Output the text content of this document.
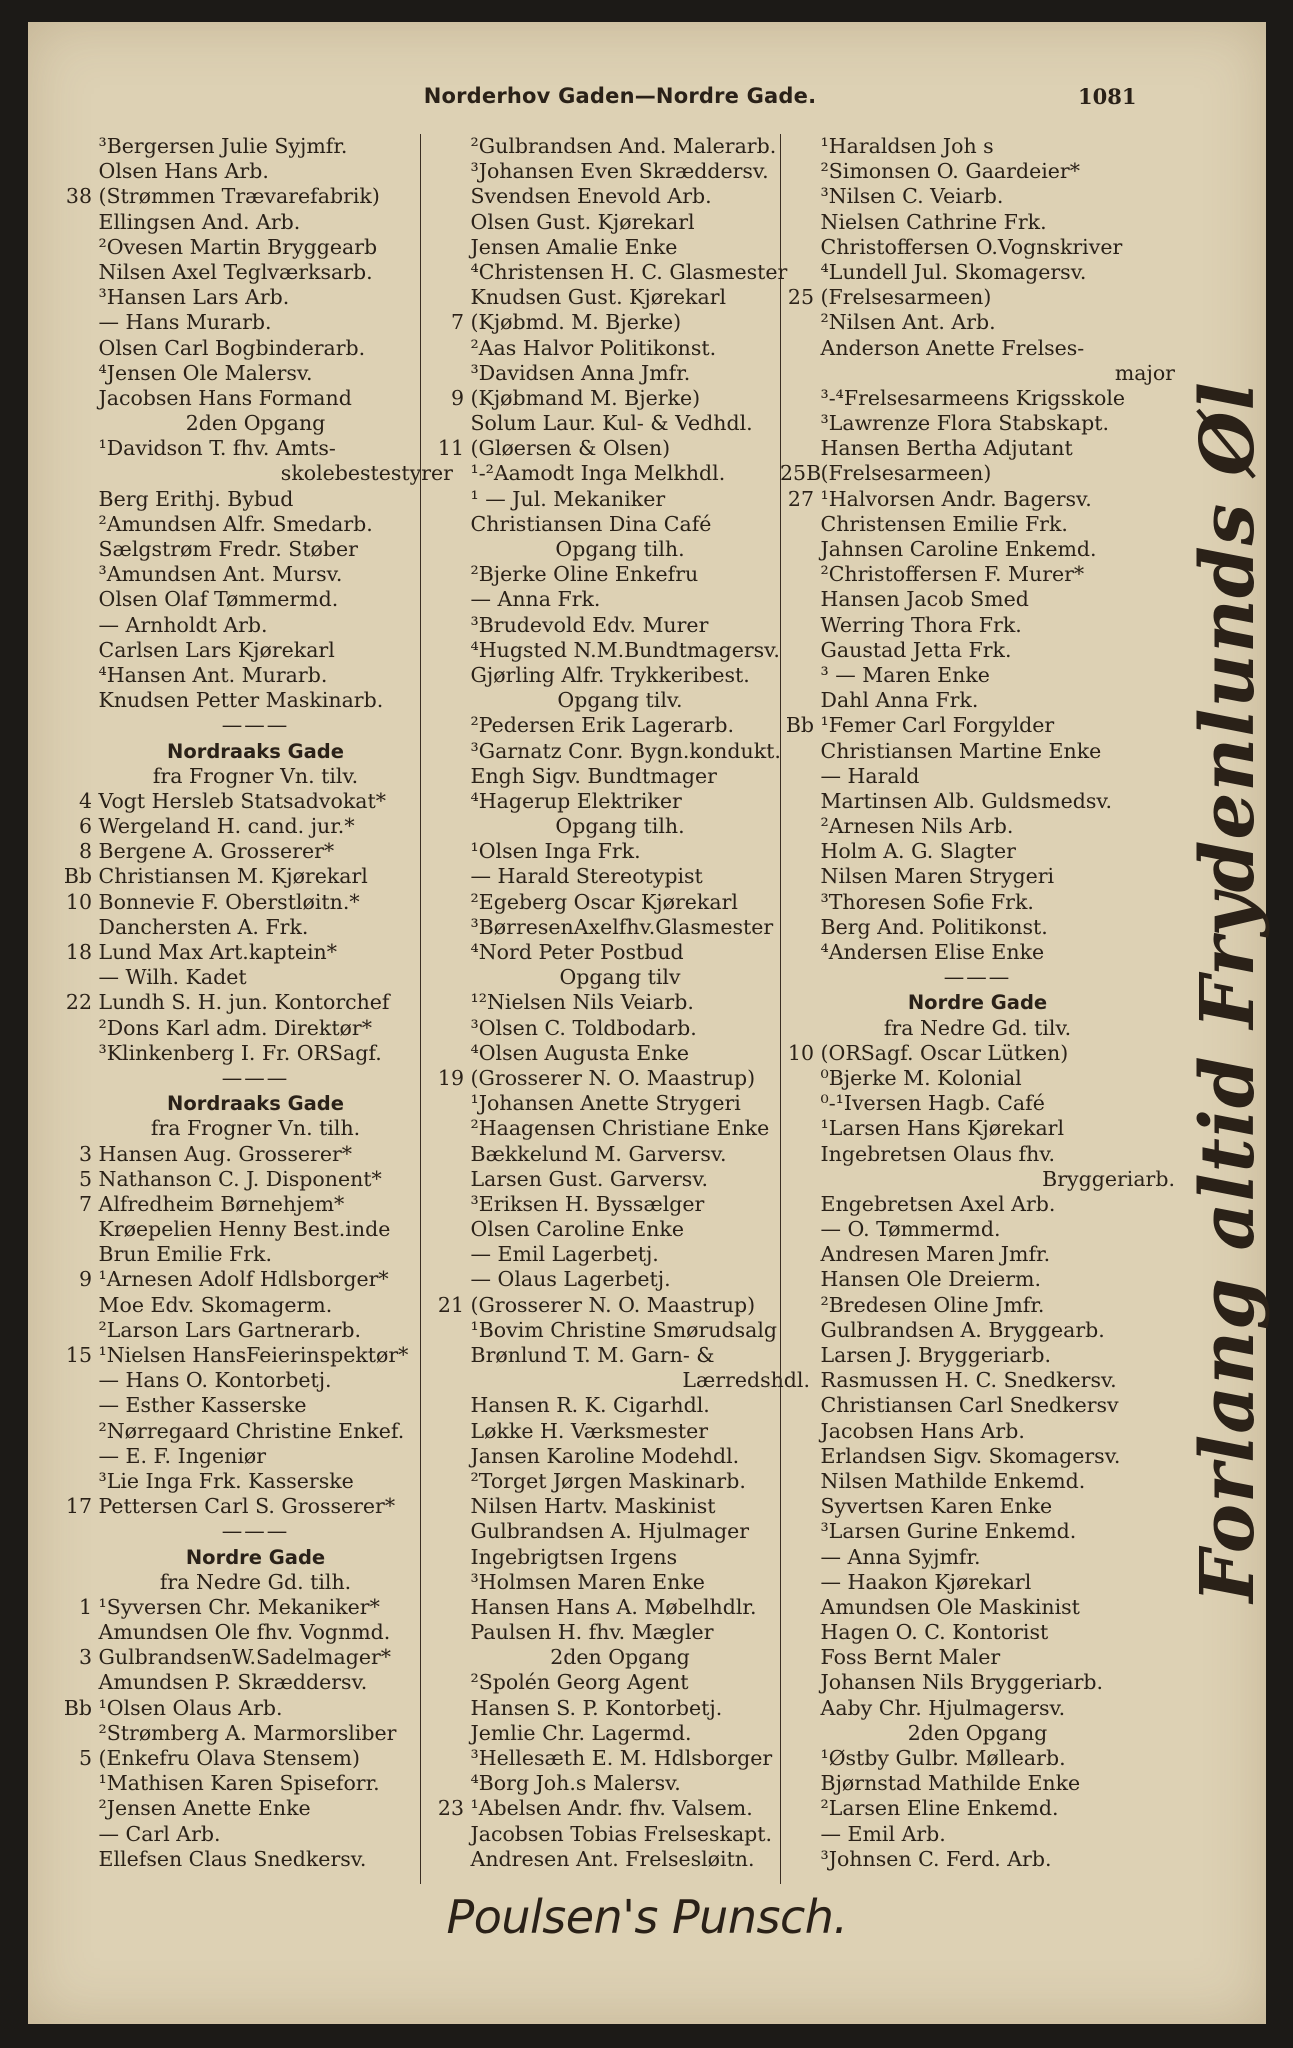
Norderhov Gaden—Nordre Gade.	1081
³Bergersen Julie Syjmfr.
Olsen Hans Arb.
38 (Strømmen Trævarefabrik)
Ellingsen And. Arb.
²Ovesen Martin Bryggearb
Nilsen Axel Teglværksarb.
³Hansen Lars Arb.
— Hans Murarb.
Olsen Carl Bogbinderarb.
⁴Jensen Ole Malersv.
Jacobsen Hans Formand
2den Opgang
¹Davidson T. fhv. Amts-
skolebestestyrer
Berg Erithj. Bybud
²Amundsen Alfr. Smedarb.
Sælgstrøm Fredr. Støber
³Amundsen Ant. Mursv.
Olsen Olaf Tømmermd.
— Arnholdt Arb.
Carlsen Lars Kjørekarl
⁴Hansen Ant. Murarb.
Knudsen Petter Maskinarb.
———
Nordraaks Gade
fra Frogner Vn. tilv.
4 Vogt Hersleb Statsadvokat*
6 Wergeland H. cand. jur.*
8 Bergene A. Grosserer*
Bb Christiansen M. Kjørekarl
10 Bonnevie F. Oberstløitn.*
Danchersten A. Frk.
18 Lund Max Art.kaptein*
— Wilh. Kadet
22 Lundh S. H. jun. Kontorchef
²Dons Karl adm. Direktør*
³Klinkenberg I. Fr. ORSagf.
———
Nordraaks Gade
fra Frogner Vn. tilh.
3 Hansen Aug. Grosserer*
5 Nathanson C. J. Disponent*
7 Alfredheim Børnehjem*
Krøepelien Henny Best.inde
Brun Emilie Frk.
9 ¹Arnesen Adolf Hdlsborger*
Moe Edv. Skomagerm.
²Larson Lars Gartnerarb.
15 ¹Nielsen HansFeierinspektør*
— Hans O. Kontorbetj.
— Esther Kasserske
²Nørregaard Christine Enkef.
— E. F. Ingeniør
³Lie Inga Frk. Kasserske
17 Pettersen Carl S. Grosserer*
———
Nordre Gade
fra Nedre Gd. tilh.
1 ¹Syversen Chr. Mekaniker*
Amundsen Ole fhv. Vognmd.
3 GulbrandsenW.Sadelmager*
Amundsen P. Skræddersv.
Bb ¹Olsen Olaus Arb.
²Strømberg A. Marmorsliber
5 (Enkefru Olava Stensem)
¹Mathisen Karen Spiseforr.
²Jensen Anette Enke
— Carl Arb.
Ellefsen Claus Snedkersv.
²Gulbrandsen And. Malerarb.
³Johansen Even Skræddersv.
Svendsen Enevold Arb.
Olsen Gust. Kjørekarl
Jensen Amalie Enke
⁴Christensen H. C. Glasmester
Knudsen Gust. Kjørekarl
7 (Kjøbmd. M. Bjerke)
²Aas Halvor Politikonst.
³Davidsen Anna Jmfr.
9 (Kjøbmand M. Bjerke)
Solum Laur. Kul- & Vedhdl.
11 (Gløersen & Olsen)
¹-²Aamodt Inga Melkhdl.
¹ — Jul. Mekaniker
Christiansen Dina Café
Opgang tilh.
²Bjerke Oline Enkefru
— Anna Frk.
³Brudevold Edv. Murer
⁴Hugsted N.M.Bundtmagersv.
Gjørling Alfr. Trykkeribest.
Opgang tilv.
²Pedersen Erik Lagerarb.
³Garnatz Conr. Bygn.kondukt.
Engh Sigv. Bundtmager
⁴Hagerup Elektriker
Opgang tilh.
¹Olsen Inga Frk.
— Harald Stereotypist
²Egeberg Oscar Kjørekarl
³BørresenAxelfhv.Glasmester
⁴Nord Peter Postbud
Opgang tilv
¹²Nielsen Nils Veiarb.
³Olsen C. Toldbodarb.
⁴Olsen Augusta Enke
19 (Grosserer N. O. Maastrup)
¹Johansen Anette Strygeri
²Haagensen Christiane Enke
Bækkelund M. Garversv.
Larsen Gust. Garversv.
³Eriksen H. Byssælger
Olsen Caroline Enke
— Emil Lagerbetj.
— Olaus Lagerbetj.
21 (Grosserer N. O. Maastrup)
¹Bovim Christine Smørudsalg
Brønlund T. M. Garn- &
Lærredshdl.
Hansen R. K. Cigarhdl.
Løkke H. Værksmester
Jansen Karoline Modehdl.
²Torget Jørgen Maskinarb.
Nilsen Hartv. Maskinist
Gulbrandsen A. Hjulmager
Ingebrigtsen Irgens
³Holmsen Maren Enke
Hansen Hans A. Møbelhdlr.
Paulsen H. fhv. Mægler
2den Opgang
²Spolén Georg Agent
Hansen S. P. Kontorbetj.
Jemlie Chr. Lagermd.
³Hellesæth E. M. Hdlsborger
⁴Borg Joh.s Malersv.
23 ¹Abelsen Andr. fhv. Valsem.
Jacobsen Tobias Frelseskapt.
Andresen Ant. Frelsesløitn.
¹Haraldsen Joh s
²Simonsen O. Gaardeier*
³Nilsen C. Veiarb.
Nielsen Cathrine Frk.
Christoffersen O.Vognskriver
⁴Lundell Jul. Skomagersv.
25 (Frelsesarmeen)
²Nilsen Ant. Arb.
Anderson Anette Frelses-
major
³-⁴Frelsesarmeens Krigsskole
³Lawrenze Flora Stabskapt.
Hansen Bertha Adjutant
25B (Frelsesarmeen)
27 ¹Halvorsen Andr. Bagersv.
Christensen Emilie Frk.
Jahnsen Caroline Enkemd.
²Christoffersen F. Murer*
Hansen Jacob Smed
Werring Thora Frk.
Gaustad Jetta Frk.
³ — Maren Enke
Dahl Anna Frk.
Bb ¹Femer Carl Forgylder
Christiansen Martine Enke
— Harald
Martinsen Alb. Guldsmedsv.
²Arnesen Nils Arb.
Holm A. G. Slagter
Nilsen Maren Strygeri
³Thoresen Sofie Frk.
Berg And. Politikonst.
⁴Andersen Elise Enke
———
Nordre Gade
fra Nedre Gd. tilv.
10 (ORSagf. Oscar Lütken)
⁰Bjerke M. Kolonial
⁰-¹Iversen Hagb. Café
¹Larsen Hans Kjørekarl
Ingebretsen Olaus fhv.
Bryggeriarb.
Engebretsen Axel Arb.
— O. Tømmermd.
Andresen Maren Jmfr.
Hansen Ole Dreierm.
²Bredesen Oline Jmfr.
Gulbrandsen A. Bryggearb.
Larsen J. Bryggeriarb.
Rasmussen H. C. Snedkersv.
Christiansen Carl Snedkersv
Jacobsen Hans Arb.
Erlandsen Sigv. Skomagersv.
Nilsen Mathilde Enkemd.
Syvertsen Karen Enke
³Larsen Gurine Enkemd.
— Anna Syjmfr.
— Haakon Kjørekarl
Amundsen Ole Maskinist
Hagen O. C. Kontorist
Foss Bernt Maler
Johansen Nils Bryggeriarb.
Aaby Chr. Hjulmagersv.
2den Opgang
¹Østby Gulbr. Møllearb.
Bjørnstad Mathilde Enke
²Larsen Eline Enkemd.
— Emil Arb.
³Johnsen C. Ferd. Arb.
Forlang altid Frydenlunds Øl
Poulsen's Punsch.
